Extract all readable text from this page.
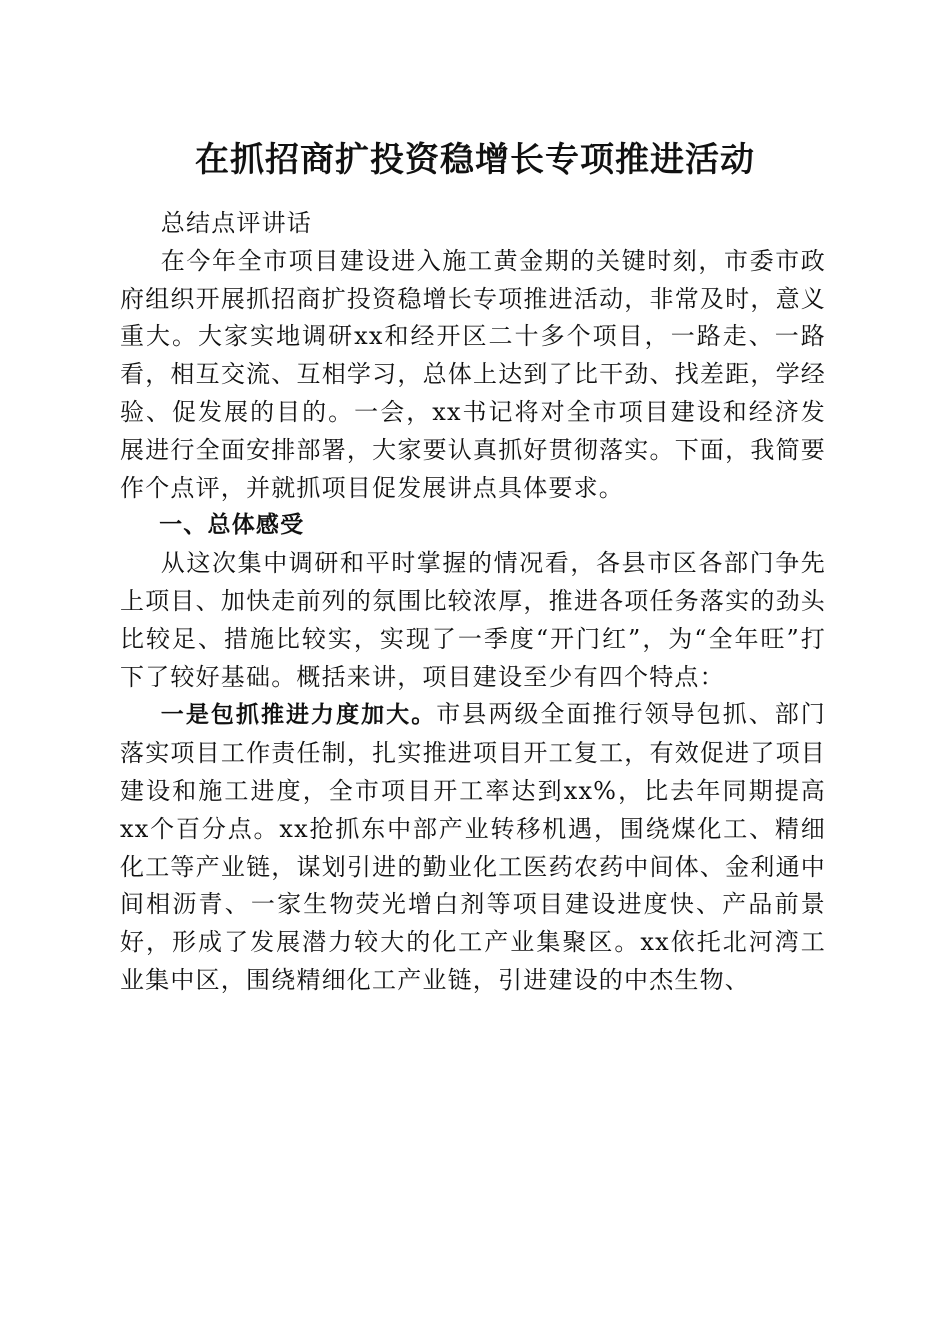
在抓招商扩投资稳增长专项推进活动

总结点评讲话

在今年全市项目建设进入施工黄金期的关键时刻，市委市政府组织开展抓招商扩投资稳增长专项推进活动，非常及时，意义重大。大家实地调研xx和经开区二十多个项目，一路走、一路看，相互交流、互相学习，总体上达到了比干劲、找差距，学经验、促发展的目的。一会，xx书记将对全市项目建设和经济发展进行全面安排部署，大家要认真抓好贯彻落实。下面，我简要作个点评，并就抓项目促发展讲点具体要求。

一、总体感受

从这次集中调研和平时掌握的情况看，各县市区各部门争先上项目、加快走前列的氛围比较浓厚，推进各项任务落实的劲头比较足、措施比较实，实现了一季度“开门红”，为“全年旺”打下了较好基础。概括来讲，项目建设至少有四个特点：

一是包抓推进力度加大。市县两级全面推行领导包抓、部门落实项目工作责任制，扎实推进项目开工复工，有效促进了项目建设和施工进度，全市项目开工率达到xx%，比去年同期提高xx个百分点。xx抢抓东中部产业转移机遇，围绕煤化工、精细化工等产业链，谋划引进的勤业化工医药农药中间体、金利通中间相沥青、一家生物荧光增白剂等项目建设进度快、产品前景好，形成了发展潜力较大的化工产业集聚区。xx依托北河湾工业集中区，围绕精细化工产业链，引进建设的中杰生物、
